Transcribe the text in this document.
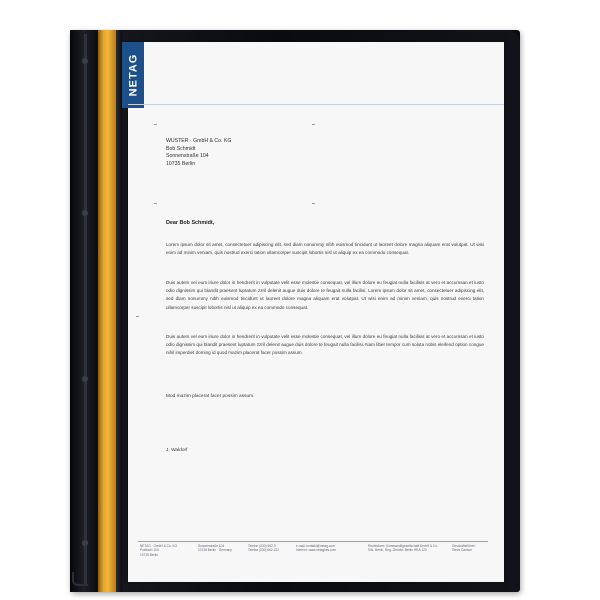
NETAG
WUSTER · GmbH & Co. KG
Bob Schmidt
Sonnenstraße 104
10735 Berlin
Dear Bob Schmidt,
Lorem ipsum dolor sit amet, consectetuer adipiscing elit, sed diam nonummy nibh euismod tincidunt ut laoreet dolore magna aliquam erat volutpat. Ut wisi enim ad minim veniam, quis nostrud exerci tation ullamcorper suscipit lobortis nisl ut aliquip ex ea commodo consequat.
Duis autem vel eum iriure dolor in hendrerit in vulputate velit esse molestie consequat, vel illum dolore eu feugiat nulla facilisis at vero et accumsan et iusto odio dignissim qui blandit praesent luptatum zzril delenit augue duis dolore te feugait nulla facilisi. Lorem ipsum dolor sit amet, consectetuer adipiscing elit, sed diam nonummy nibh euismod tincidunt ut laoreet dolore magna aliquam erat volutpat. Ut wisi enim ad minim veniam, quis nostrud exerci tation ullamcorper suscipit lobortis nisl ut aliquip ex ea commodo consequat.
Duis autem vel eum iriure dolor in hendrerit in vulputate velit esse molestie consequat, vel illum dolore eu feugiat nulla facilisis at vero et accumsan et iusto odio dignissim qui blandit praesent luptatum zzril delenit augue duis dolore te feugait nulla facilisi. Nam liber tempor cum soluta nobis eleifend option congue nihil imperdiet doming id quod mazim placerat facer possim assum.
Mod mazim placerat facer possim assum.
J. Waldorf
NETAG · GmbH & Co. KG
Postfach 104
10735 Berlin
Sonnenstraße 104
10735 Berlin · Germany
Telefon (030) 662-0
Telefax (030) 662-222
e-mail: kontakt@netag.com
Internet: www.netagkes.com
Rechtsform: Kommanditgesellschaft GmbH & Co.
Sitz: Berlin, Reg.-Gericht: Berlin HRA 123
Geschäftsführer:
Steve Carlson
